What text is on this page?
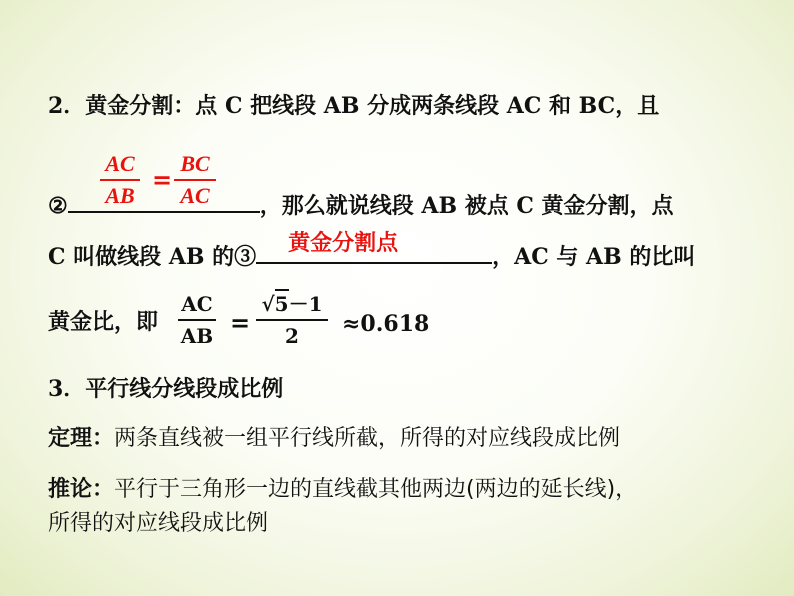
2．黄金分割：点 C 把线段 AB 分成两条线段 AC 和 BC，且
AC
AB
=
BC
AC
②	，那么就说线段 AB 被点 C 黄金分割，点
C 叫做线段 AB 的③
黄金分割点
，AC 与 AB 的比叫
黄金比，即
AC
AB =
√5－1
2	≈0.618
3．平行线分线段成比例
定理：两条直线被一组平行线所截，所得的对应线段成比例
推论：平行于三角形一边的直线截其他两边(两边的延长线)，
所得的对应线段成比例
